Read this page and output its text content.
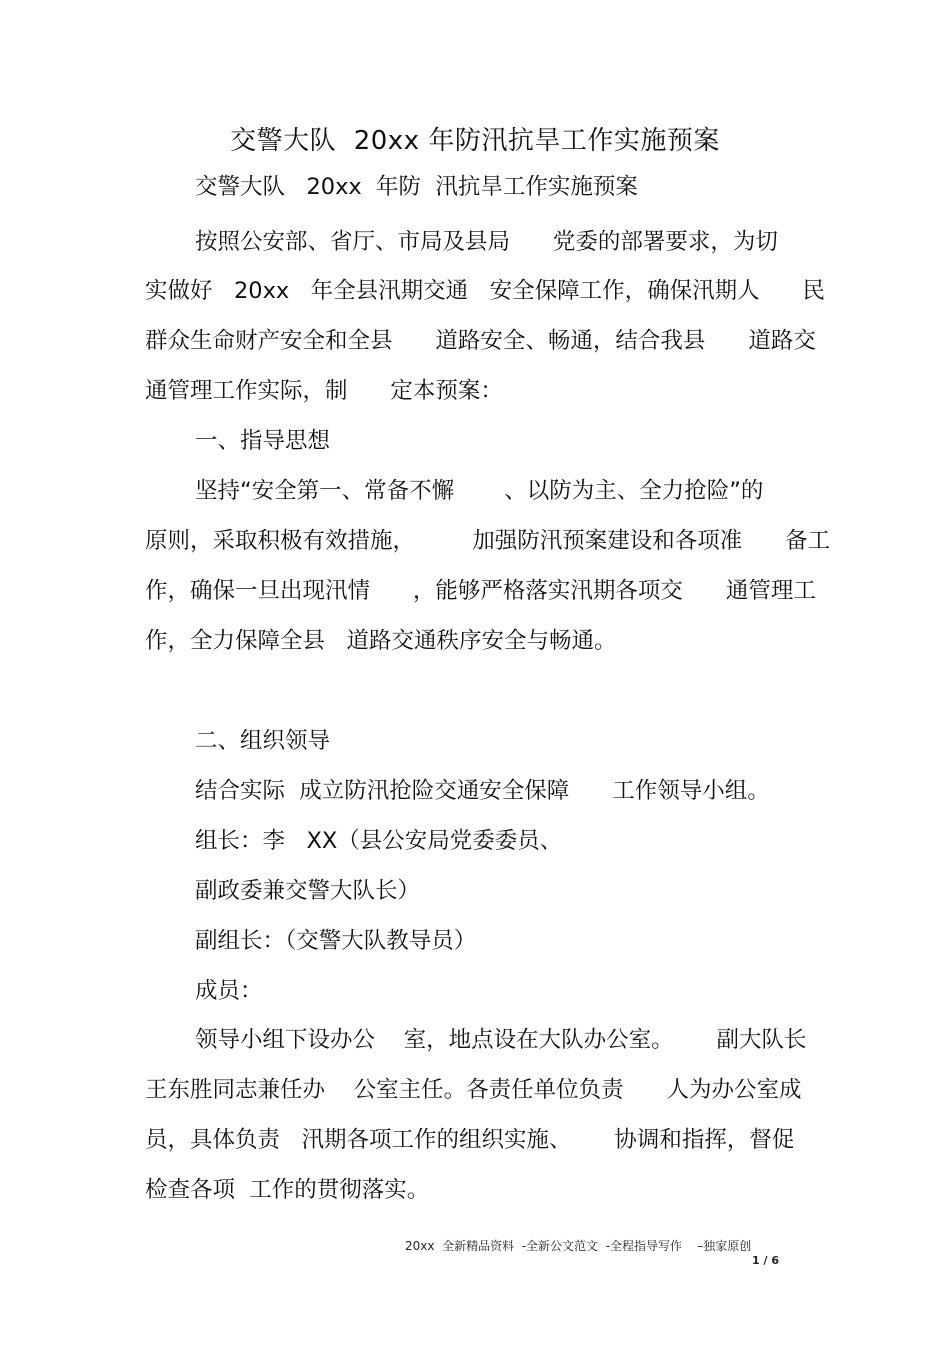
交警大队  20xx 年防汛抗旱工作实施预案
交警大队   20xx  年防  汛抗旱工作实施预案
按照公安部、省厅、市局及县局      党委的部署要求，为切
实做好   20xx   年全县汛期交通   安全保障工作，确保汛期人      民
群众生命财产安全和全县      道路安全、畅通，结合我县      道路交
通管理工作实际，制      定本预案：
一、指导思想
坚持“安全第一、常备不懈       、以防为主、全力抢险”的
原则，采取积极有效措施，        加强防汛预案建设和各项准      备工
作，确保一旦出现汛情      ，能够严格落实汛期各项交      通管理工
作，全力保障全县   道路交通秩序安全与畅通。
二、组织领导
结合实际  成立防汛抢险交通安全保障      工作领导小组。
组长：李   XX（县公安局党委委员、
副政委兼交警大队长）
副组长：（交警大队教导员）
成员：
领导小组下设办公    室，地点设在大队办公室。      副大队长
王东胜同志兼任办    公室主任。各责任单位负责      人为办公室成
员，具体负责   汛期各项工作的组织实施、      协调和指挥，督促
检查各项  工作的贯彻落实。
20xx  全新精品资料  -全新公文范文  -全程指导写作    –独家原创
1 / 6
